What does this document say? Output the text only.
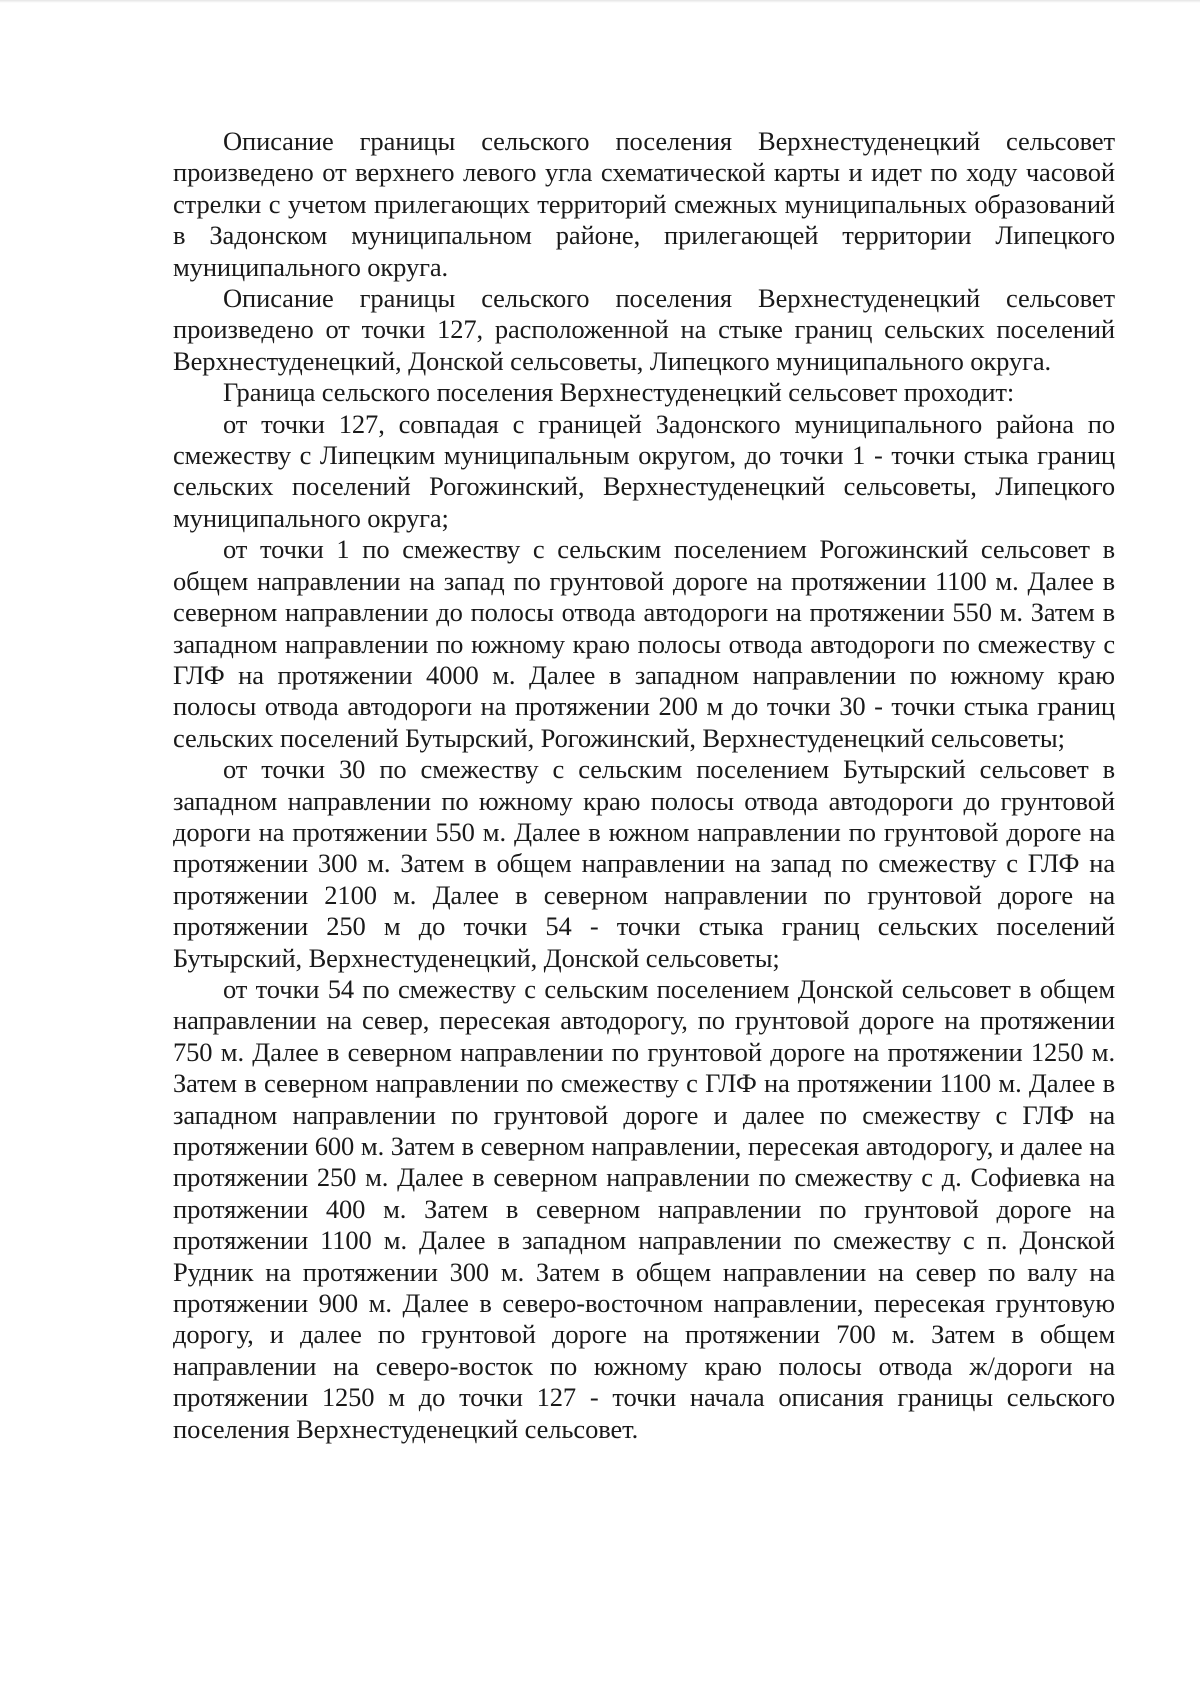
Описание границы сельского поселения Верхнестуденецкий сельсовет произведено от верхнего левого угла схематической карты и идет по ходу часовой стрелки с учетом прилегающих территорий смежных муниципальных образований в Задонском муниципальном районе, прилегающей территории Липецкого муниципального округа.

Описание границы сельского поселения Верхнестуденецкий сельсовет произведено от точки 127, расположенной на стыке границ сельских поселений Верхнестуденецкий, Донской сельсоветы, Липецкого муниципального округа.

Граница сельского поселения Верхнестуденецкий сельсовет проходит:

от точки 127, совпадая с границей Задонского муниципального района по смежеству с Липецким муниципальным округом, до точки 1 - точки стыка границ сельских поселений Рогожинский, Верхнестуденецкий сельсоветы, Липецкого муниципального округа;

от точки 1 по смежеству с сельским поселением Рогожинский сельсовет в общем направлении на запад по грунтовой дороге на протяжении 1100 м. Далее в северном направлении до полосы отвода автодороги на протяжении 550 м. Затем в западном направлении по южному краю полосы отвода автодороги по смежеству с ГЛФ на протяжении 4000 м. Далее в западном направлении по южному краю полосы отвода автодороги на протяжении 200 м до точки 30 - точки стыка границ сельских поселений Бутырский, Рогожинский, Верхнестуденецкий сельсоветы;

от точки 30 по смежеству с сельским поселением Бутырский сельсовет в западном направлении по южному краю полосы отвода автодороги до грунтовой дороги на протяжении 550 м. Далее в южном направлении по грунтовой дороге на протяжении 300 м. Затем в общем направлении на запад по смежеству с ГЛФ на протяжении 2100 м. Далее в северном направлении по грунтовой дороге на протяжении 250 м до точки 54 - точки стыка границ сельских поселений Бутырский, Верхнестуденецкий, Донской сельсоветы;

от точки 54 по смежеству с сельским поселением Донской сельсовет в общем направлении на север, пересекая автодорогу, по грунтовой дороге на протяжении 750 м. Далее в северном направлении по грунтовой дороге на протяжении 1250 м. Затем в северном направлении по смежеству с ГЛФ на протяжении 1100 м. Далее в западном направлении по грунтовой дороге и далее по смежеству с ГЛФ на протяжении 600 м. Затем в северном направлении, пересекая автодорогу, и далее на протяжении 250 м. Далее в северном направлении по смежеству с д. Софиевка на протяжении 400 м. Затем в северном направлении по грунтовой дороге на протяжении 1100 м. Далее в западном направлении по смежеству с п. Донской Рудник на протяжении 300 м. Затем в общем направлении на север по валу на протяжении 900 м. Далее в северо-восточном направлении, пересекая грунтовую дорогу, и далее по грунтовой дороге на протяжении 700 м. Затем в общем направлении на северо-восток по южному краю полосы отвода ж/дороги на протяжении 1250 м до точки 127 - точки начала описания границы сельского поселения Верхнестуденецкий сельсовет.
